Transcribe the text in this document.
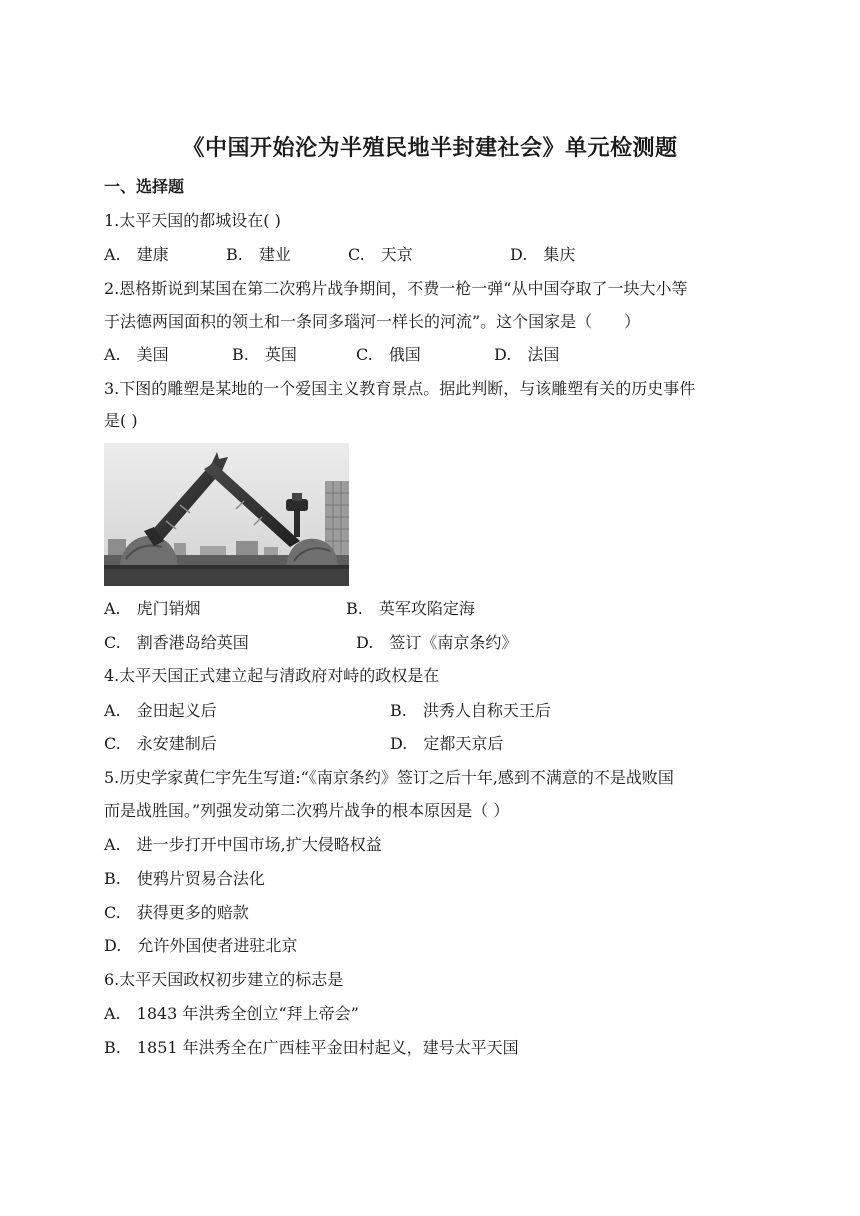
《中国开始沦为半殖民地半封建社会》单元检测题
一、选择题
1.太平天国的都城设在( )
A.　建康	B.　建业	C.　天京	D.　集庆
2.恩格斯说到某国在第二次鸦片战争期间，不费一枪一弹“从中国夺取了一块大小等
于法德两国面积的领土和一条同多瑙河一样长的河流”。这个国家是（　　）
A.　美国	B.　英国	C.　俄国	D.　法国
3.下图的雕塑是某地的一个爱国主义教育景点。据此判断，与该雕塑有关的历史事件
是( )
A.　虎门销烟	B.　英军攻陷定海
C.　割香港岛给英国	D.　签订《南京条约》
4.太平天国正式建立起与清政府对峙的政权是在
A.　金田起义后	B.　洪秀人自称天王后
C.　永安建制后	D.　定都天京后
5.历史学家黄仁宇先生写道:“《南京条约》签订之后十年,感到不满意的不是战败国
而是战胜国。”列强发动第二次鸦片战争的根本原因是（ ）
A.　进一步打开中国市场,扩大侵略权益
B.　使鸦片贸易合法化
C.　获得更多的赔款
D.　允许外国使者进驻北京
6.太平天国政权初步建立的标志是
A.　1843 年洪秀全创立“拜上帝会”
B.　1851 年洪秀全在广西桂平金田村起义，建号太平天国
